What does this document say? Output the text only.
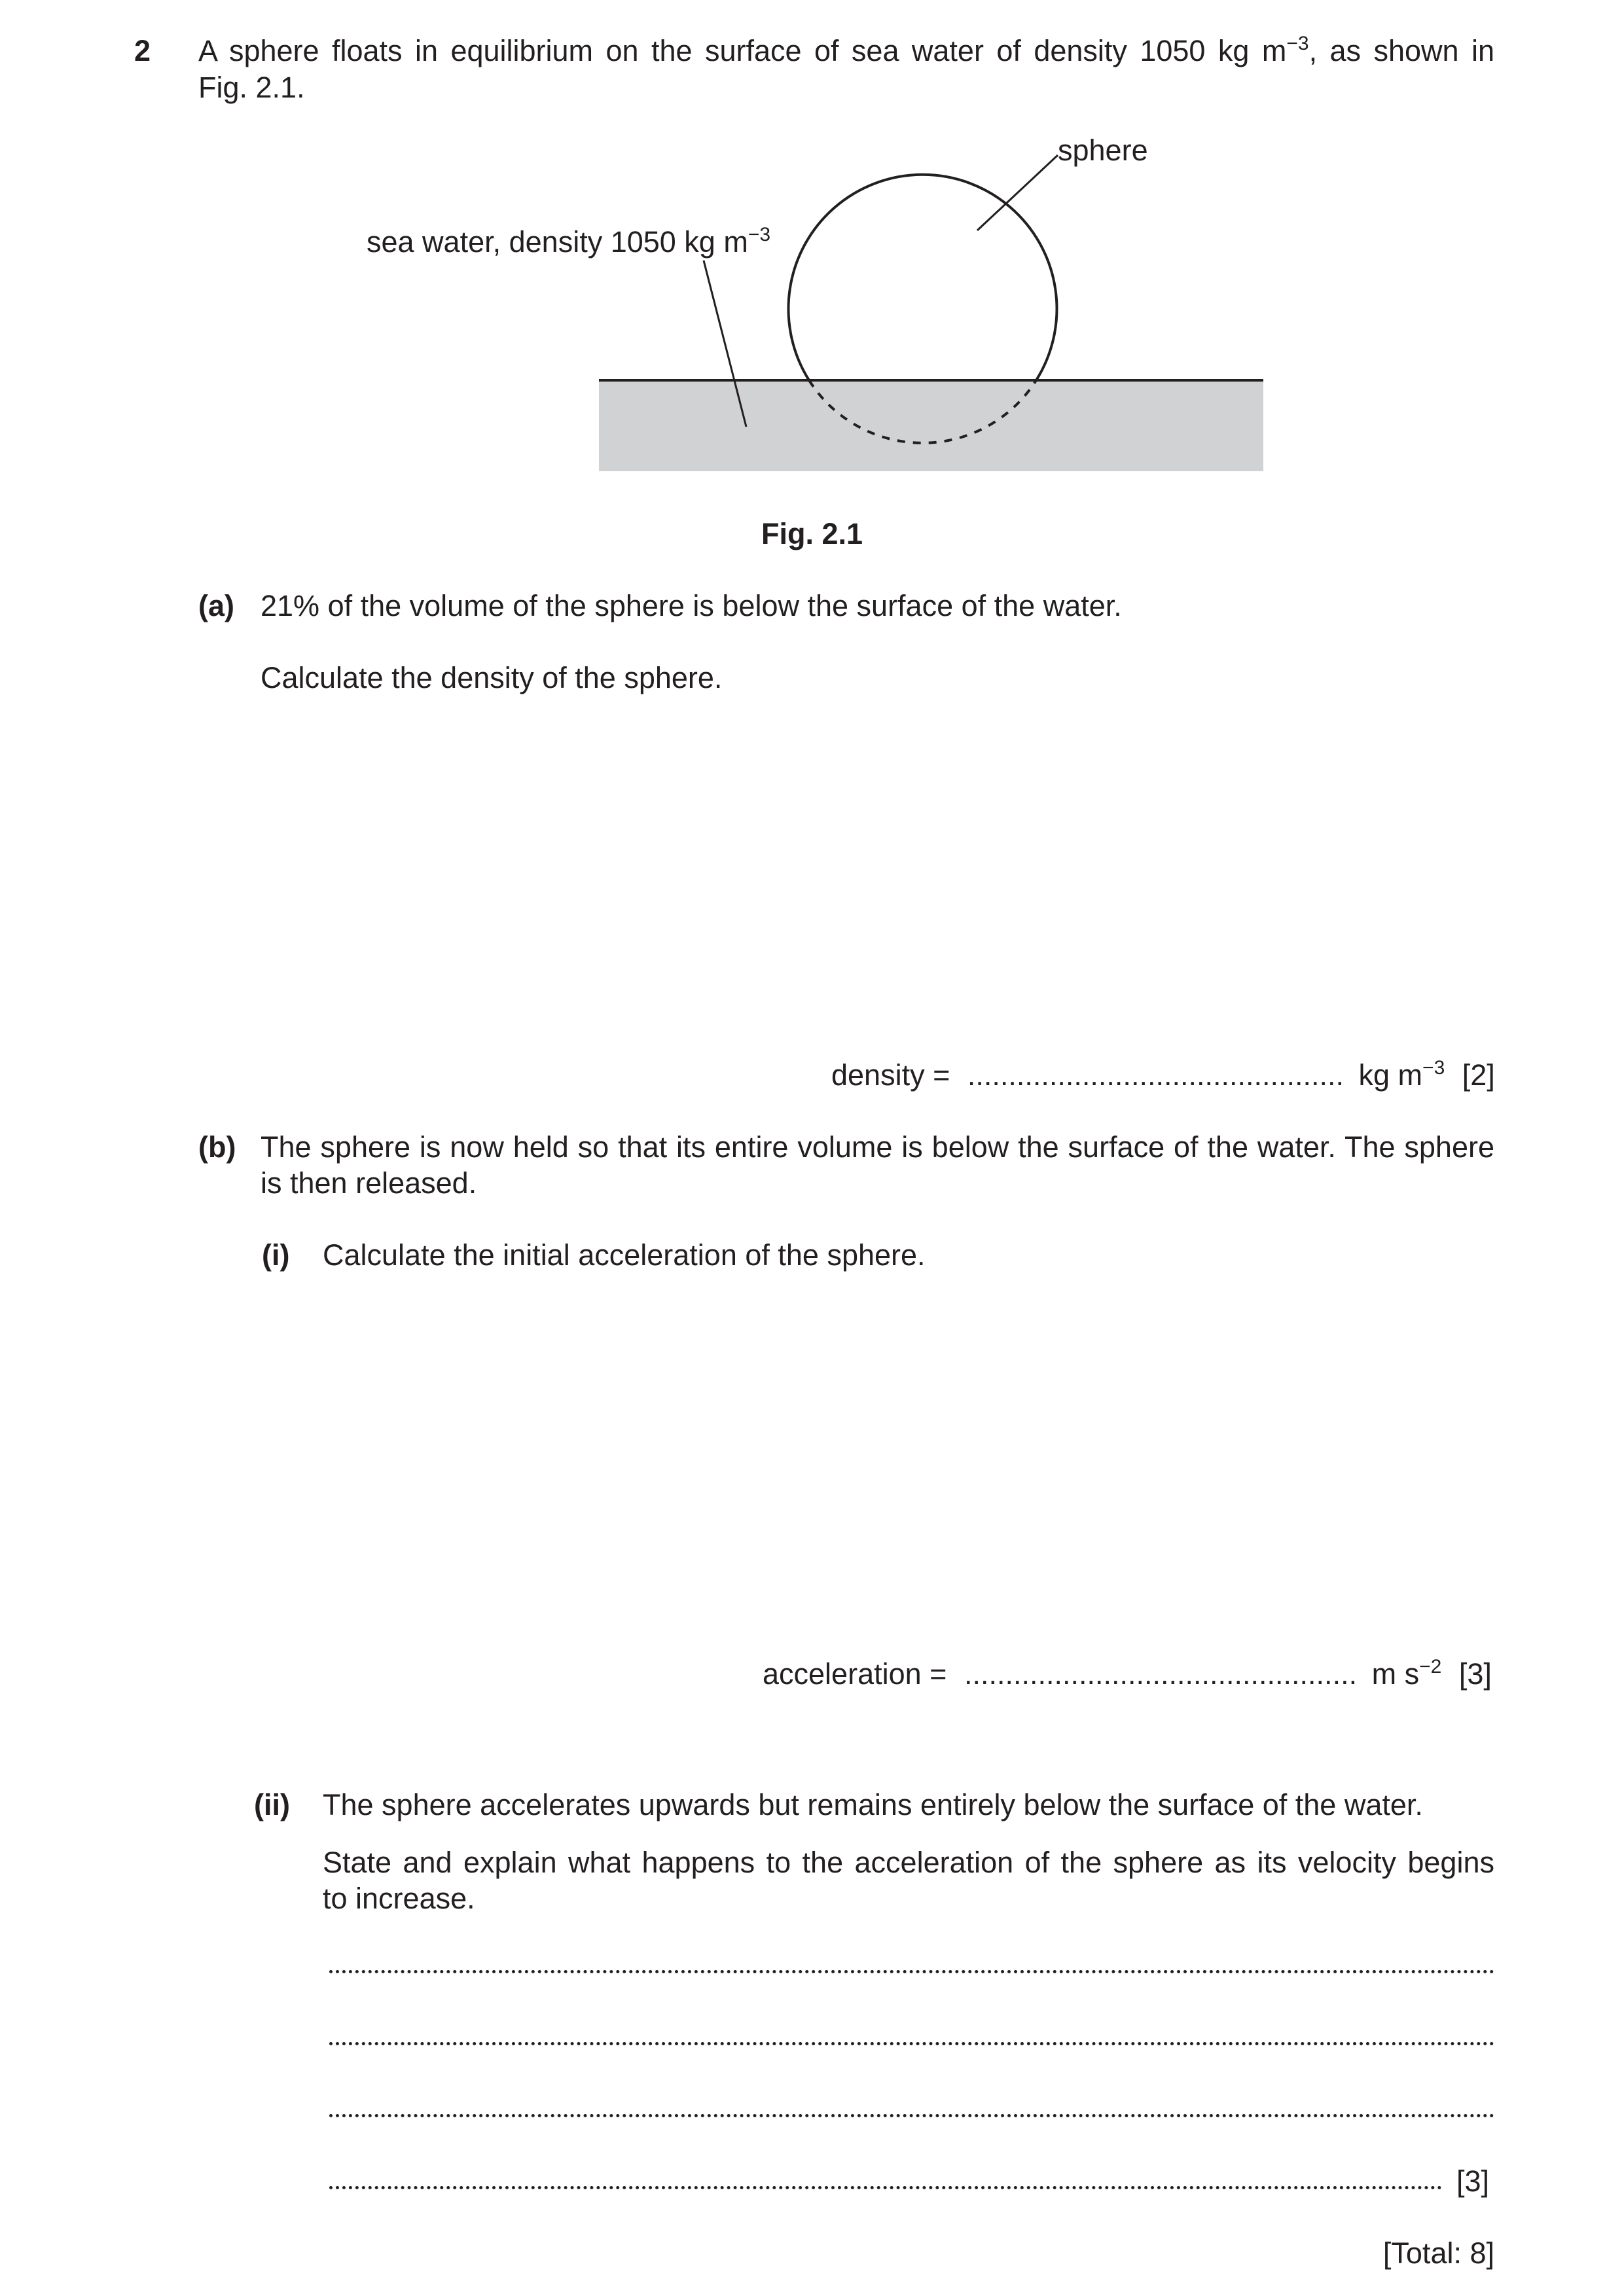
2 A sphere floats in equilibrium on the surface of sea water of density 1050 kg $m^{-3}$, as shown in
Fig. 2.1.
sphere
sea water, density 1050 kg $m^{-3}$
Fig. 2.1
(a) 21% of the volume of the sphere is below the surface of the water.
Calculate the density of the sphere.
density = .............................................. kg $m^{-3}$ [2]
(b) The sphere is now held so that its entire volume is below the surface of the water. The sphere
is then released.
(i) Calculate the initial acceleration of the sphere.
acceleration = ................................................ m $s^{-2}$ [3]
(ii) The sphere accelerates upwards but remains entirely below the surface of the water.
State and explain what happens to the acceleration of the sphere as its velocity begins
to increase.
[3]
[Total: 8]
